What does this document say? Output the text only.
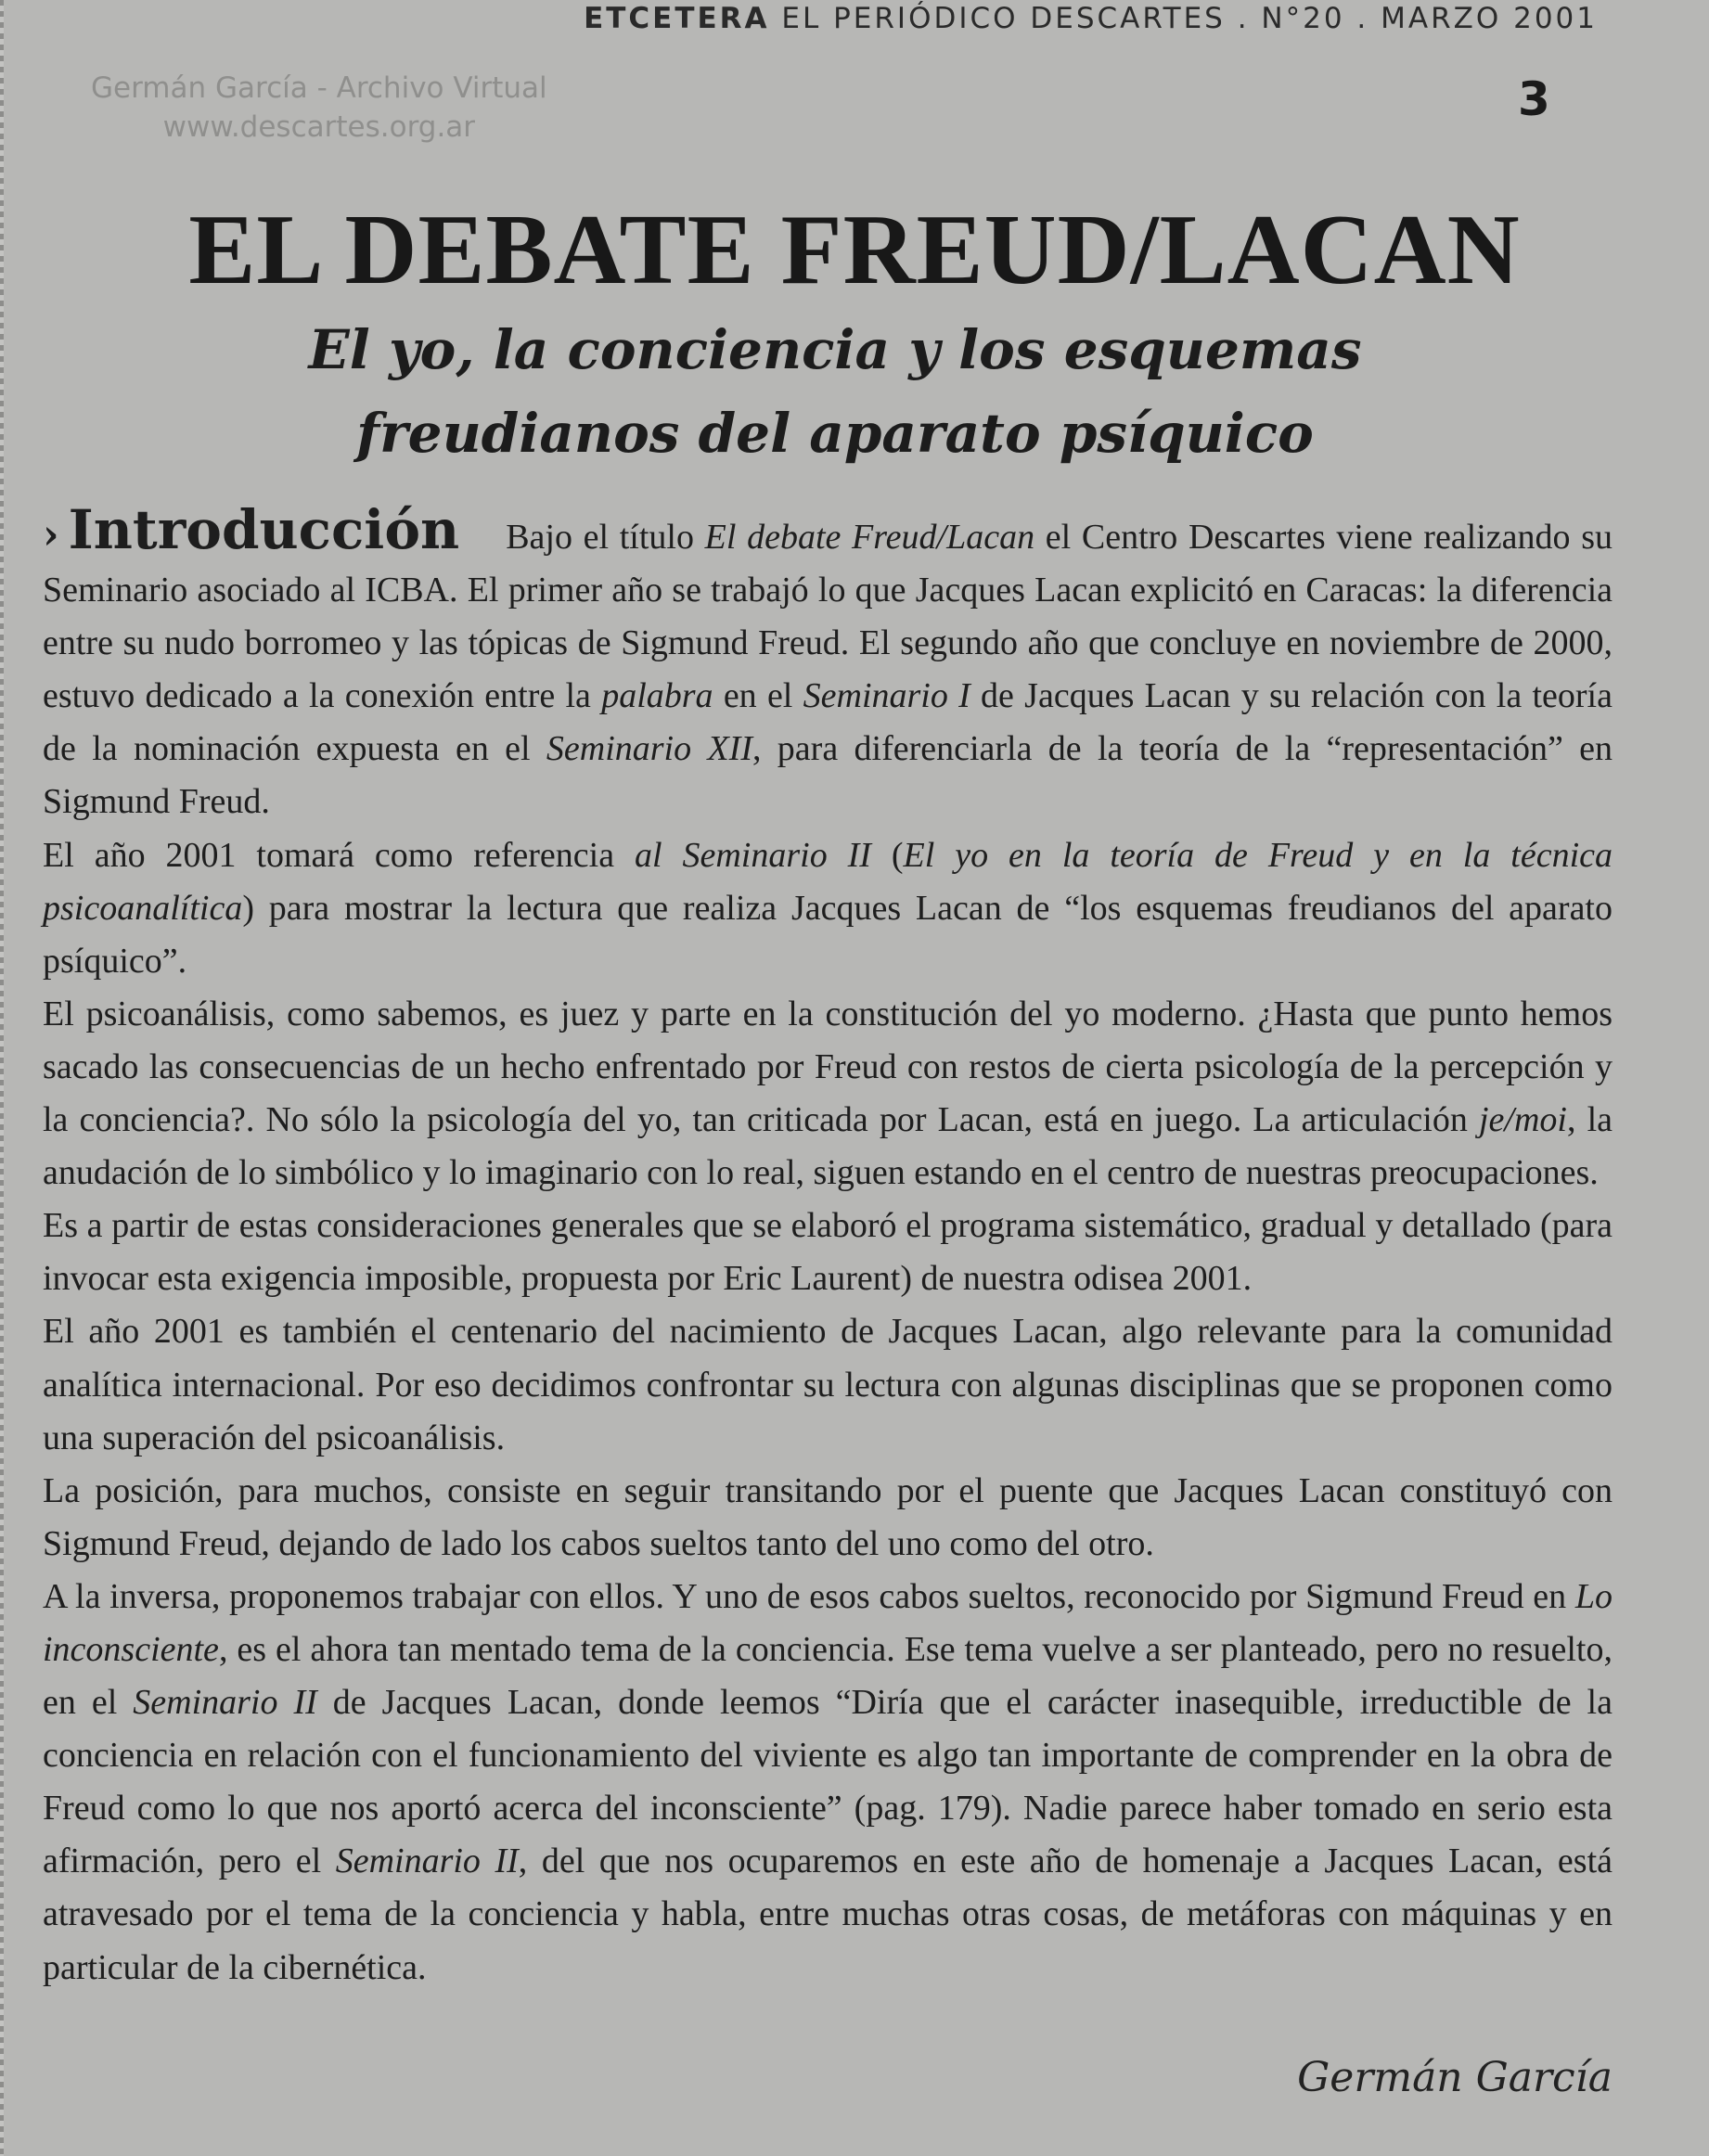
ETCETERA EL PERIÓDICO DESCARTES . N°20 . MARZO 2001
Germán García - Archivo Virtual
www.descartes.org.ar
3
EL DEBATE FREUD/LACAN
El yo, la conciencia y los esquemas
freudianos del aparato psíquico

› Introducción Bajo el título El debate Freud/Lacan el Centro Descartes viene realizando su Seminario asociado al ICBA. El primer año se trabajó lo que Jacques Lacan explicitó en Caracas: la diferencia entre su nudo borromeo y las tópicas de Sigmund Freud. El segundo año que concluye en noviembre de 2000, estuvo dedicado a la conexión entre la palabra en el Seminario I de Jacques Lacan y su relación con la teoría de la nominación expuesta en el Seminario XII, para diferenciarla de la teoría de la “representación” en Sigmund Freud.

El año 2001 tomará como referencia al Seminario II (El yo en la teoría de Freud y en la técnica psicoanalítica) para mostrar la lectura que realiza Jacques Lacan de “los esquemas freudianos del aparato psíquico”.

El psicoanálisis, como sabemos, es juez y parte en la constitución del yo moderno. ¿Hasta que punto hemos sacado las consecuencias de un hecho enfrentado por Freud con restos de cierta psicología de la percepción y la conciencia?. No sólo la psicología del yo, tan criticada por Lacan, está en juego. La articulación je/moi, la anudación de lo simbólico y lo imaginario con lo real, siguen estando en el centro de nuestras preocupaciones.

Es a partir de estas consideraciones generales que se elaboró el programa sistemático, gradual y detallado (para invocar esta exigencia imposible, propuesta por Eric Laurent) de nuestra odisea 2001.

El año 2001 es también el centenario del nacimiento de Jacques Lacan, algo relevante para la comunidad analítica internacional. Por eso decidimos confrontar su lectura con algunas disciplinas que se proponen como una superación del psicoanálisis.

La posición, para muchos, consiste en seguir transitando por el puente que Jacques Lacan constituyó con Sigmund Freud, dejando de lado los cabos sueltos tanto del uno como del otro.

A la inversa, proponemos trabajar con ellos. Y uno de esos cabos sueltos, reconocido por Sigmund Freud en Lo inconsciente, es el ahora tan mentado tema de la conciencia. Ese tema vuelve a ser planteado, pero no resuelto, en el Seminario II de Jacques Lacan, donde leemos “Diría que el carácter inasequible, irreductible de la conciencia en relación con el funcionamiento del viviente es algo tan importante de comprender en la obra de Freud como lo que nos aportó acerca del inconsciente” (pag. 179). Nadie parece haber tomado en serio esta afirmación, pero el Seminario II, del que nos ocuparemos en este año de homenaje a Jacques Lacan, está atravesado por el tema de la conciencia y habla, entre muchas otras cosas, de metáforas con máquinas y en particular de la cibernética.

Germán García
